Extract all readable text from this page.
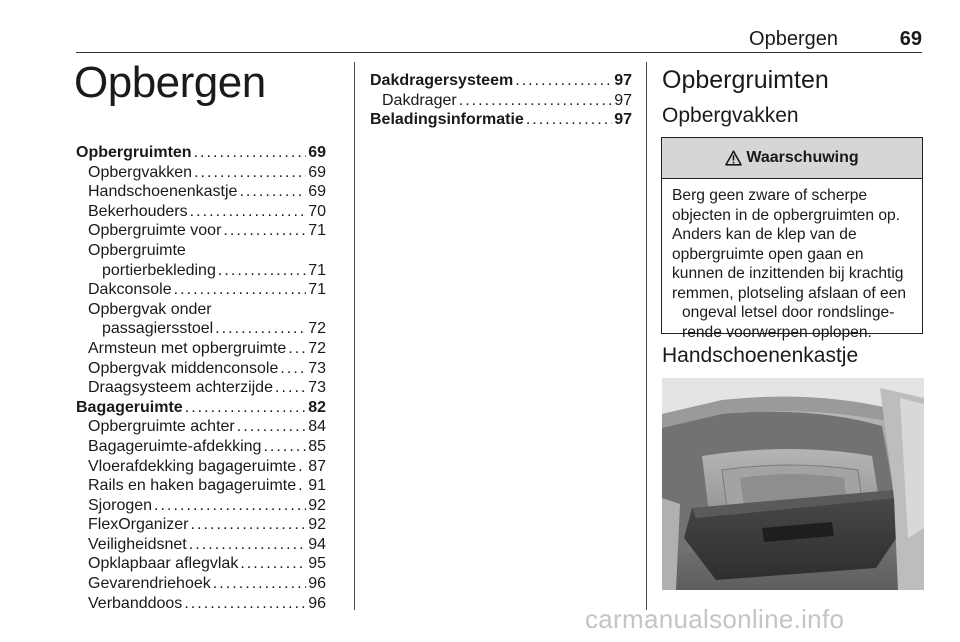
Opbergen	69
Opbergen
Opbergruimten . . .	69
Opbergvakken . . .	69
Handschoenenkastje . . .	69
Bekerhouders . . .	70
Opbergruimte voor . . .	71
Opbergruimte
portierbekleding . . .	71
Dakconsole . . .	71
Opbergvak onder
passagiersstoel . . .	72
Armsteun met opbergruimte . . . 72
Opbergvak middenconsole . . . 73
Draagsysteem achterzijde . . . 73
Bagageruimte . . .	82
Opbergruimte achter . . .	84
Bagageruimte-afdekking . . .	85
Vloerafdekking bagageruimte . . . 87
Rails en haken bagageruimte . . . 91
Sjorogen . . .	92
FlexOrganizer . . .	92
Veiligheidsnet . . .	94
Opklapbaar aflegvlak . . .	95
Gevarendriehoek . . .	96
Verbanddoos . . .	96
Dakdragersysteem . . .	97
Dakdrager . . .	97
Beladingsinformatie . . .	97
Opbergruimten
Opbergvakken
Waarschuwing
Berg geen zware of scherpe
objecten in de opbergruimten op.
Anders kan de klep van de
opbergruimte open gaan en
kunnen de inzittenden bij krachtig
remmen, plotseling afslaan of een
ongeval letsel door rondslinge-
rende voorwerpen oplopen.
Handschoenenkastje
carmanualsonline.info
